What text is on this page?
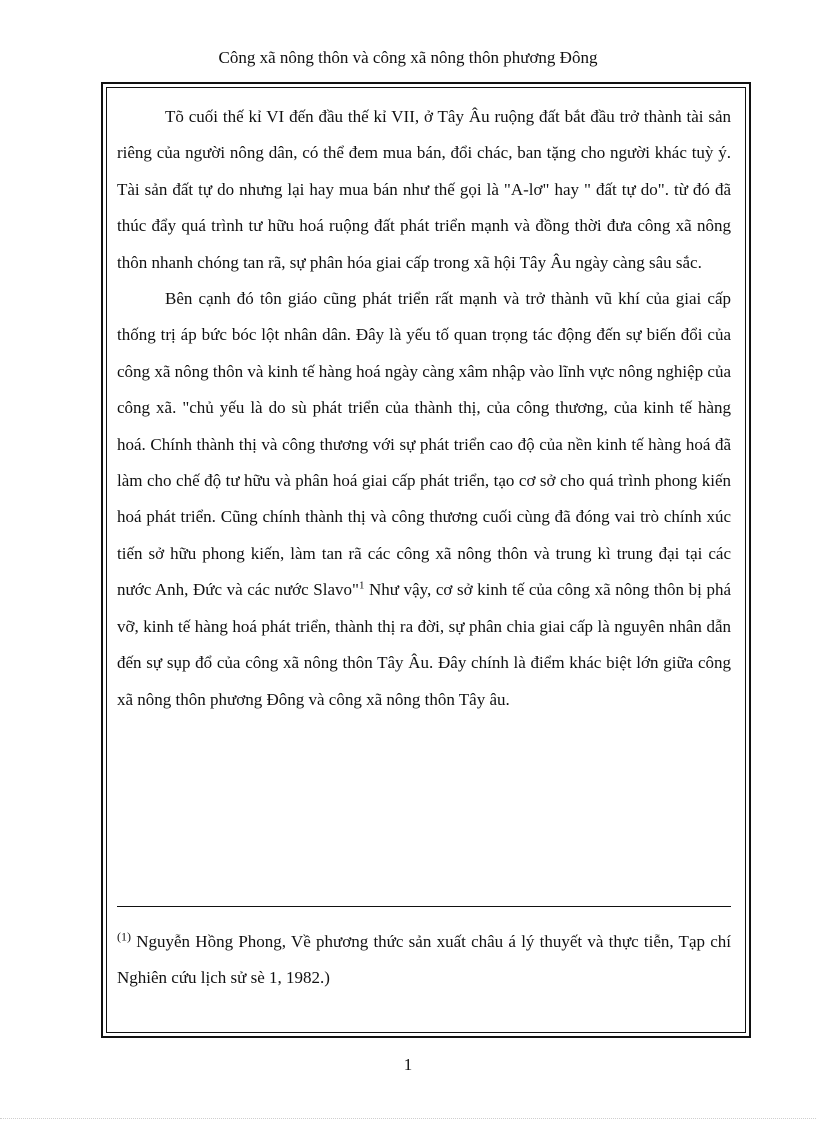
Công xã nông thôn và công xã nông thôn phương Đông

Tõ cuối thế kỉ VI đến đầu thế kỉ VII, ở Tây Âu ruộng đất bắt đầu trở thành tài sản riêng của người nông dân, có thể đem mua bán, đổi chác, ban tặng cho người khác tuỳ ý. Tài sản đất tự do nhưng lại hay mua bán như thế gọi là "A-lơ" hay " đất tự do". từ đó đã thúc đẩy quá trình tư hữu hoá ruộng đất phát triển mạnh và đồng thời đưa công xã nông thôn nhanh chóng tan rã, sự phân hóa giai cấp trong xã hội Tây Âu ngày càng sâu sắc.

Bên cạnh đó tôn giáo cũng phát triển rất mạnh và trở thành vũ khí của giai cấp thống trị áp bức bóc lột nhân dân. Đây là yếu tố quan trọng tác động đến sự biến đổi của công xã nông thôn và kinh tế hàng hoá ngày càng xâm nhập vào lĩnh vực nông nghiệp của công xã. "chủ yếu là do sù phát triển của thành thị, của công thương, của kinh tế hàng hoá. Chính thành thị và công thương với sự phát triển cao độ của nền kinh tế hàng hoá đã làm cho chế độ tư hữu và phân hoá giai cấp phát triển, tạo cơ sở cho quá trình phong kiến hoá phát triển. Cũng chính thành thị và công thương cuối cùng đã đóng vai trò chính xúc tiến sở hữu phong kiến, làm tan rã các công xã nông thôn và trung kì trung đại tại các nước Anh, Đức và các nước Slavo"$^1$ Như vậy, cơ sở kinh tế của công xã nông thôn bị phá vỡ, kinh tế hàng hoá phát triển, thành thị ra đời, sự phân chia giai cấp là nguyên nhân dẫn đến sự sụp đổ của công xã nông thôn Tây Âu. Đây chính là điểm khác biệt lớn giữa công xã nông thôn phương Đông và công xã nông thôn Tây âu.

$^{(1)}$ Nguyễn Hồng Phong, Về phương thức sản xuất châu á lý thuyết và thực tiễn, Tạp chí Nghiên cứu lịch sử sè 1, 1982.)

1
